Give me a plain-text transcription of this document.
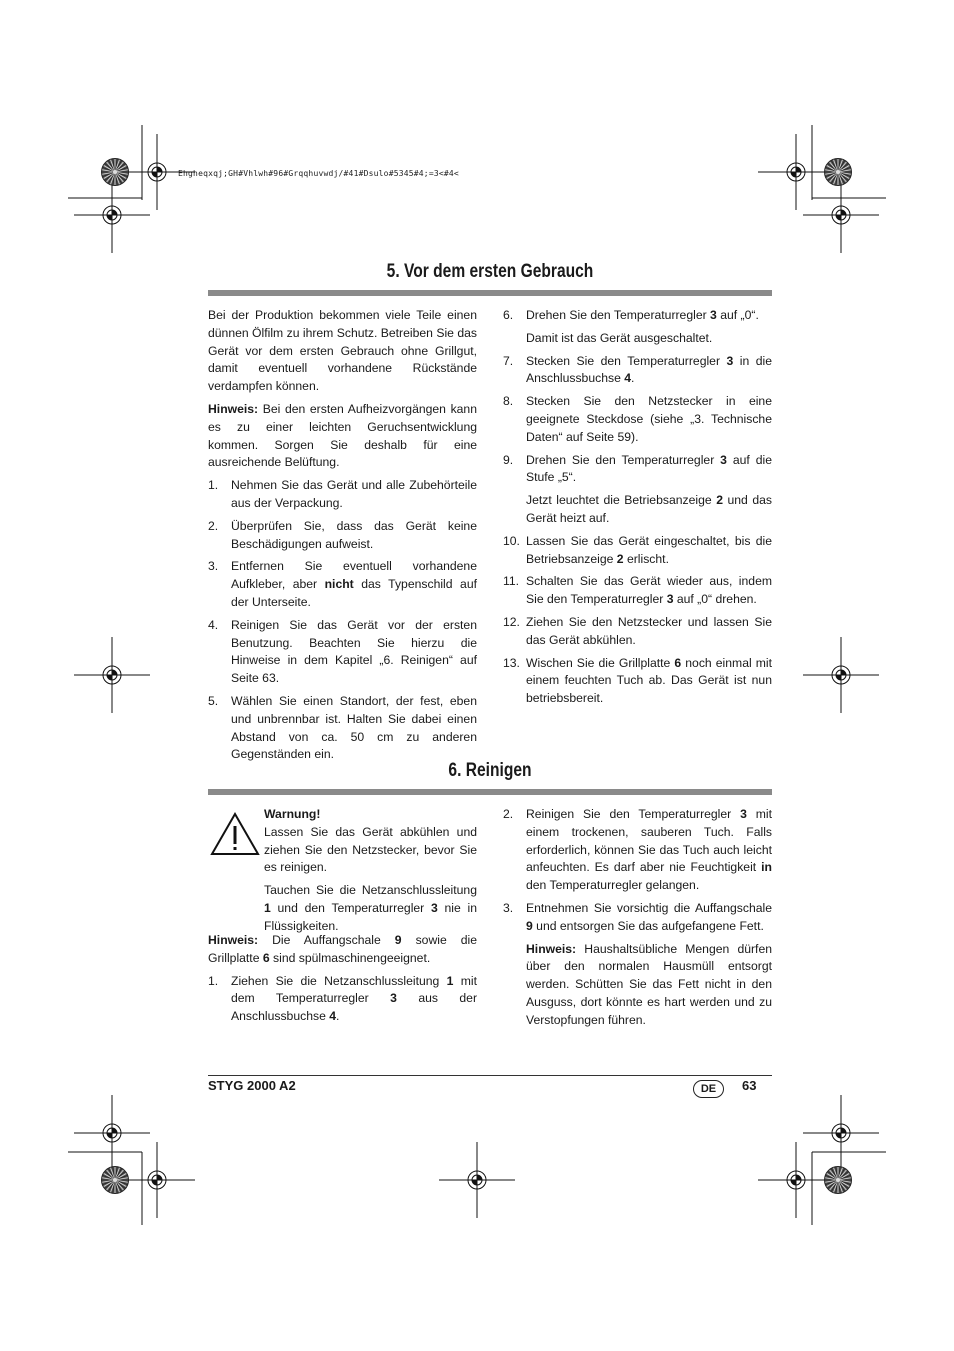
Ehgheqxqj;GH#Vhlwh#96#Grqqhuvwdj/#41#Dsulo#5345#4;=3<#4<
5. Vor dem ersten Gebrauch

Bei der Produktion bekommen viele Teile einen dünnen Ölfilm zu ihrem Schutz. Betreiben Sie das Gerät vor dem ersten Gebrauch ohne Grillgut, damit eventuell vorhandene Rückstände verdampfen können.

Hinweis: Bei den ersten Aufheizvorgängen kann es zu einer leichten Geruchsentwicklung kommen. Sorgen Sie deshalb für eine ausreichende Belüftung.

1.	Nehmen Sie das Gerät und alle Zubehörteile aus der Verpackung.
2.	Überprüfen Sie, dass das Gerät keine Beschädigungen aufweist.
3.	Entfernen Sie eventuell vorhandene Aufkleber, aber nicht das Typenschild auf der Unterseite.
4.	Reinigen Sie das Gerät vor der ersten Benutzung. Beachten Sie hierzu die Hinweise in dem Kapitel „6. Reinigen“ auf Seite 63.
5.	Wählen Sie einen Standort, der fest, eben und unbrennbar ist. Halten Sie dabei einen Abstand von ca. 50 cm zu anderen Gegenständen ein.
6.	Drehen Sie den Temperaturregler 3 auf „0“.
Damit ist das Gerät ausgeschaltet.
7.	Stecken Sie den Temperaturregler 3 in die Anschlussbuchse 4.
8.	Stecken Sie den Netzstecker in eine geeignete Steckdose (siehe „3. Technische Daten“ auf Seite 59).
9.	Drehen Sie den Temperaturregler 3 auf die Stufe „5“.
Jetzt leuchtet die Betriebsanzeige 2 und das Gerät heizt auf.
10. Lassen Sie das Gerät eingeschaltet, bis die Betriebsanzeige 2 erlischt.
11. Schalten Sie das Gerät wieder aus, indem Sie den Temperaturregler 3 auf „0“ drehen.
12. Ziehen Sie den Netzstecker und lassen Sie das Gerät abkühlen.
13. Wischen Sie die Grillplatte 6 noch einmal mit einem feuchten Tuch ab. Das Gerät ist nun betriebsbereit.
6. Reinigen

Warnung!

Lassen Sie das Gerät abkühlen und ziehen Sie den Netzstecker, bevor Sie es reinigen.

Tauchen Sie die Netzanschlussleitung 1 und den Temperaturregler 3 nie in Flüssigkeiten.

Hinweis: Die Auffangschale 9 sowie die Grillplatte 6 sind spülmaschinengeeignet.

1.	Ziehen Sie die Netzanschlussleitung 1 mit dem Temperaturregler 3 aus der Anschlussbuchse 4.
2.	Reinigen Sie den Temperaturregler 3 mit einem trockenen, sauberen Tuch. Falls erforderlich, können Sie das Tuch auch leicht anfeuchten. Es darf aber nie Feuchtigkeit in den Temperaturregler gelangen.
3.	Entnehmen Sie vorsichtig die Auffangschale 9 und entsorgen Sie das aufgefangene Fett.
Hinweis: Haushaltsübliche Mengen dürfen über den normalen Hausmüll entsorgt werden. Schütten Sie das Fett nicht in den Ausguss, dort könnte es hart werden und zu Verstopfungen führen.
STYG 2000 A2	DE	63
